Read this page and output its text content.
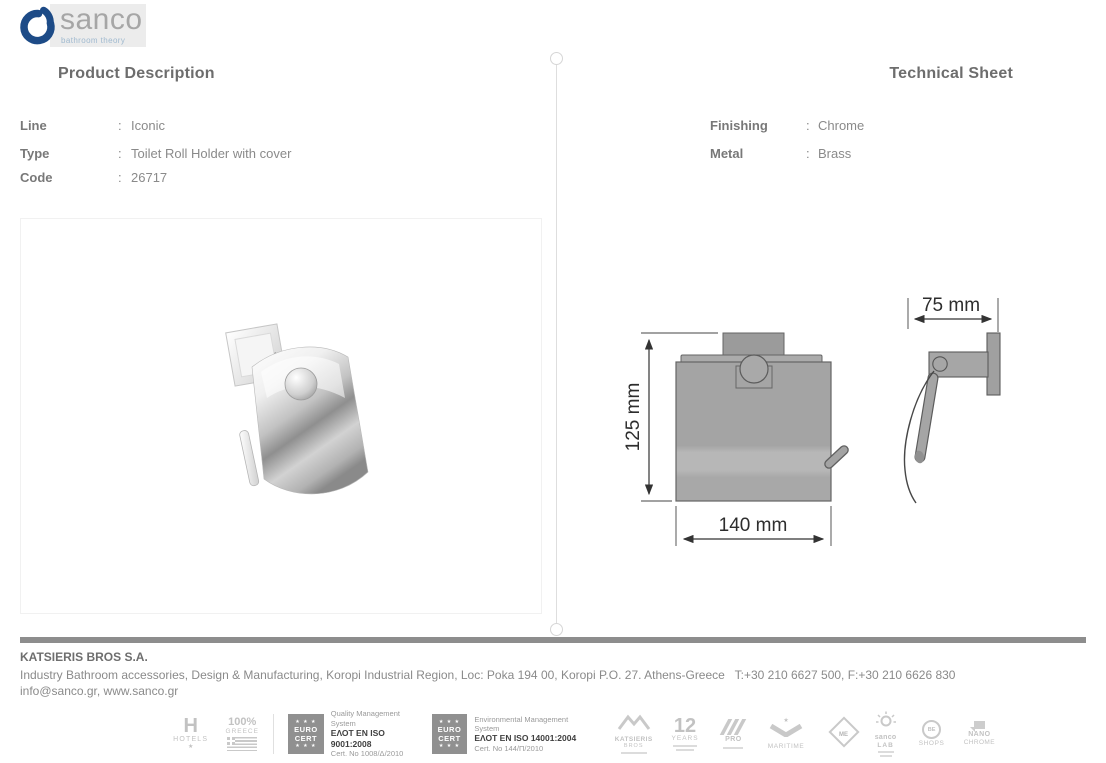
sanco
bathroom theory
Product Description
Line	: Iconic
Type	: Toilet Roll Holder with cover
Code	: 26717
Technical Sheet
Finishing	: Chrome
Metal	: Brass
125 mm
140 mm
75 mm
KATSIERIS BROS S.A.
Industry Bathroom accessories, Design & Manufacturing, Koropi Industrial Region, Loc: Poka 194 00, Koropi P.O. 27. Athens-Greece   T:+30 210 6627 500, F:+30 210 6626 830
info@sanco.gr, www.sanco.gr
H
HOTELS
★
100%
GREECE
★ ★ ★
EURO
CERT
★ ★ ★
Quality Management System
ΕΛΟΤ EN ISO 9001:2008
Cert. No 1008/Δ/2010
★ ★ ★
EURO
CERT
★ ★ ★
Environmental Management System
ΕΛΟΤ EN ISO 14001:2004
Cert. No 144/Π/2010
KATSIERIS
BROS
12
YEARS	PRO
★
MARITIME
ME	sanco
LAB
BE
SHOPS
NANO
CHROME
